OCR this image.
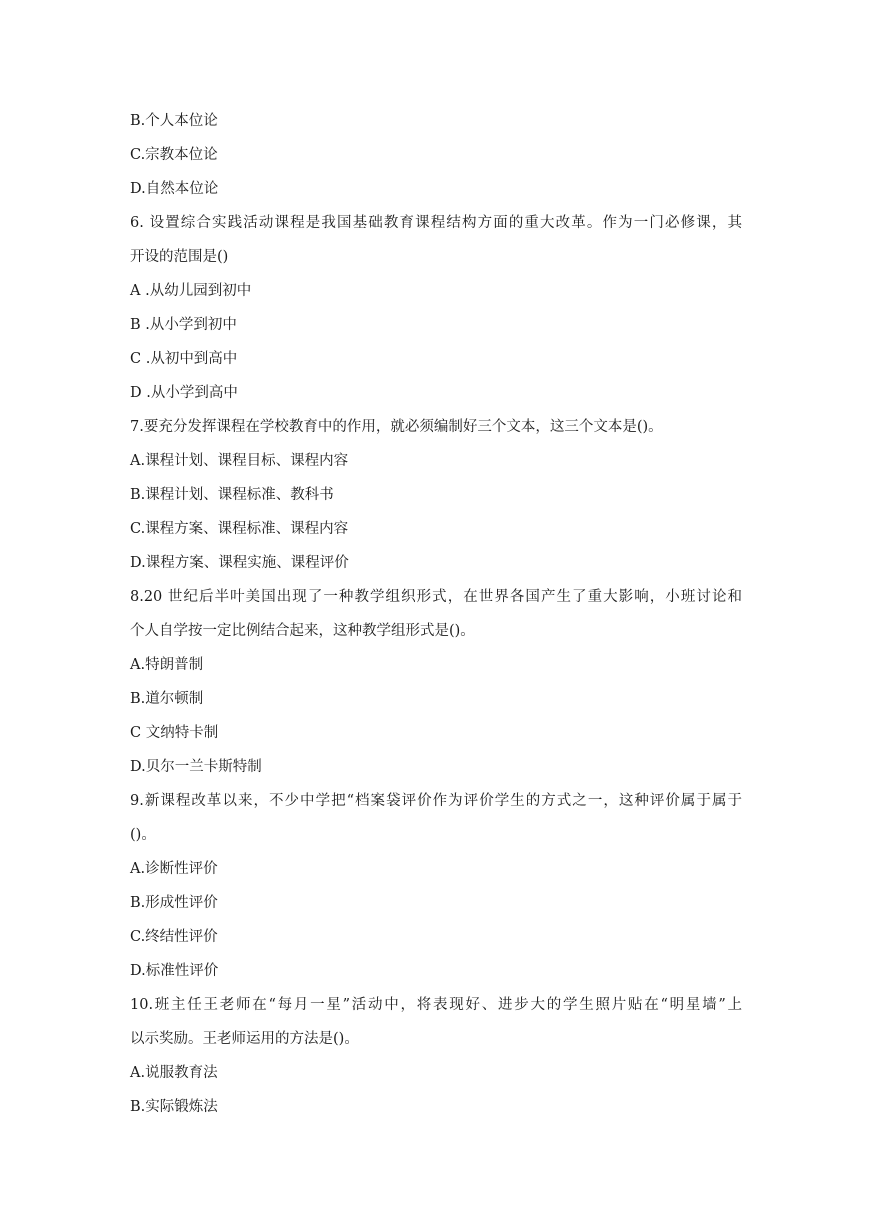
B.个人本位论
C.宗教本位论
D.自然本位论
6. 设置综合实践活动课程是我国基础教育课程结构方面的重大改革。作为一门必修课，其
开设的范围是()
A .从幼儿园到初中
B .从小学到初中
C .从初中到高中
D .从小学到高中
7.要充分发挥课程在学校教育中的作用，就必须编制好三个文本，这三个文本是()。
A.课程计划、课程目标、课程内容
B.课程计划、课程标准、教科书
C.课程方案、课程标准、课程内容
D.课程方案、课程实施、课程评价
8.20 世纪后半叶美国出现了一种教学组织形式，在世界各国产生了重大影响，小班讨论和
个人自学按一定比例结合起来，这种教学组形式是()。
A.特朗普制
B.道尔顿制
C 文纳特卡制
D.贝尔一兰卡斯特制
9.新课程改革以来，不少中学把“档案袋评价作为评价学生的方式之一，这种评价属于属于
()。
A.诊断性评价
B.形成性评价
C.终结性评价
D.标准性评价
10.班主任王老师在“每月一星”活动中，将表现好、进步大的学生照片贴在“明星墙”上
以示奖励。王老师运用的方法是()。
A.说服教育法
B.实际锻炼法
